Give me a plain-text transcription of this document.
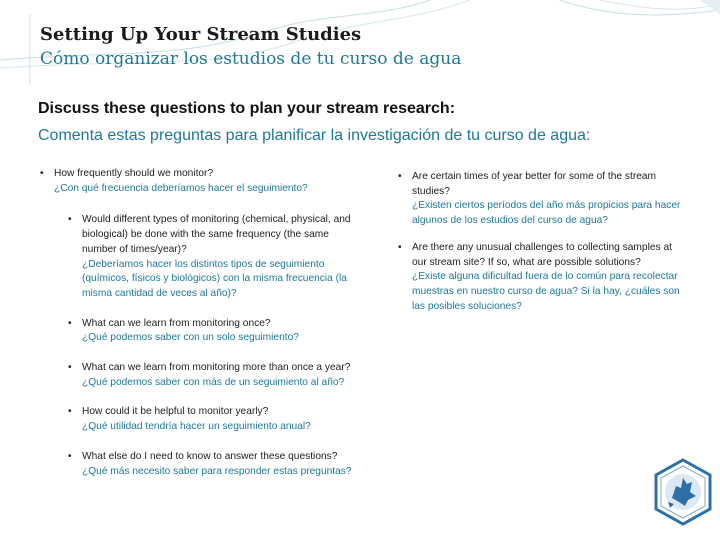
Setting Up Your Stream Studies
Cómo organizar los estudios de tu curso de agua
Discuss these questions to plan your stream research:
Comenta estas preguntas para planificar la investigación de tu curso de agua:
• How frequently should we monitor?
¿Con qué frecuencia deberíamos hacer el seguimiento?
• Would different types of monitoring (chemical, physical, and biological) be done with the same frequency (the same number of times/year)?
¿Deberíamos hacer los distintos tipos de seguimiento (químicos, físicos y biológicos) con la misma frecuencia (la misma cantidad de veces al año)?
• What can we learn from monitoring once?
¿Qué podemos saber con un solo seguimiento?
• What can we learn from monitoring more than once a year?
¿Qué podemos saber con más de un seguimiento al año?
• How could it be helpful to monitor yearly?
¿Qué utilidad tendría hacer un seguimiento anual?
• What else do I need to know to answer these questions?
¿Qué más necesito saber para responder estas preguntas?
• Are certain times of year better for some of the stream studies?
¿Existen ciertos períodos del año más propicios para hacer algunos de los estudios del curso de agua?
• Are there any unusual challenges to collecting samples at our stream site? If so, what are possible solutions?
¿Existe alguna dificultad fuera de lo común para recolectar muestras en nuestro curso de agua? Si la hay, ¿cuáles son las posibles soluciones?
